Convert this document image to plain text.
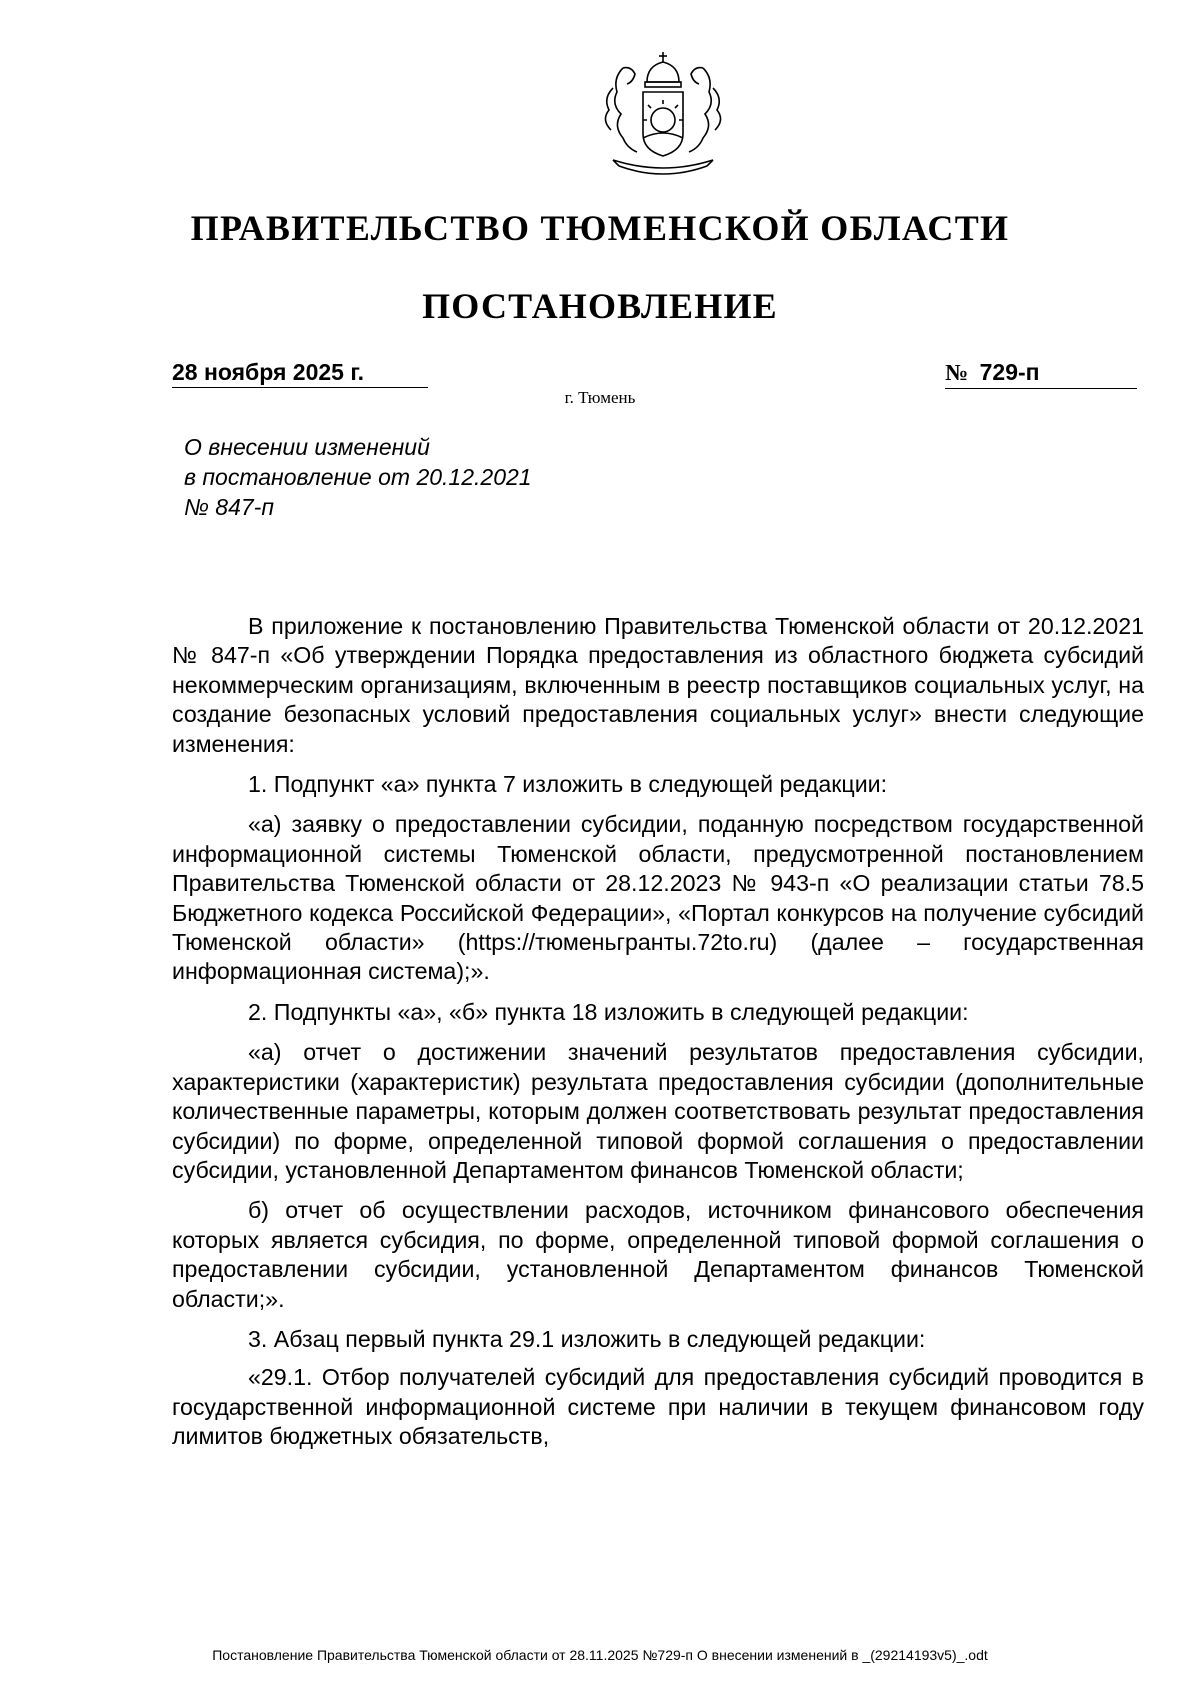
ПРАВИТЕЛЬСТВО ТЮМЕНСКОЙ ОБЛАСТИ
ПОСТАНОВЛЕНИЕ
28 ноября 2025 г.	№ 729-п
г. Тюмень
О внесении изменений
в постановление от 20.12.2021
№ 847-п

В приложение к постановлению Правительства Тюменской области от 20.12.2021 № 847-п «Об утверждении Порядка предоставления из областного бюджета субсидий некоммерческим организациям, включенным в реестр поставщиков социальных услуг, на создание безопасных условий предоставления социальных услуг» внести следующие изменения:

1. Подпункт «а» пункта 7 изложить в следующей редакции:

«а) заявку о предоставлении субсидии, поданную посредством государственной информационной системы Тюменской области, предусмотренной постановлением Правительства Тюменской области от 28.12.2023 № 943-п «О реализации статьи 78.5 Бюджетного кодекса Российской Федерации», «Портал конкурсов на получение субсидий Тюменской области» (https://тюменьгранты.72to.ru) (далее – государственная информационная система);».

2. Подпункты «а», «б» пункта 18 изложить в следующей редакции:

«а) отчет о достижении значений результатов предоставления субсидии, характеристики (характеристик) результата предоставления субсидии (дополнительные количественные параметры, которым должен соответствовать результат предоставления субсидии) по форме, определенной типовой формой соглашения о предоставлении субсидии, установленной Департаментом финансов Тюменской области;

б) отчет об осуществлении расходов, источником финансового обеспечения которых является субсидия, по форме, определенной типовой формой соглашения о предоставлении субсидии, установленной Департаментом финансов Тюменской области;».

3. Абзац первый пункта 29.1 изложить в следующей редакции:

«29.1. Отбор получателей субсидий для предоставления субсидий проводится в государственной информационной системе при наличии в текущем финансовом году лимитов бюджетных обязательств,

Постановление Правительства Тюменской области от 28.11.2025 №729-п О внесении изменений в _(29214193v5)_.odt
